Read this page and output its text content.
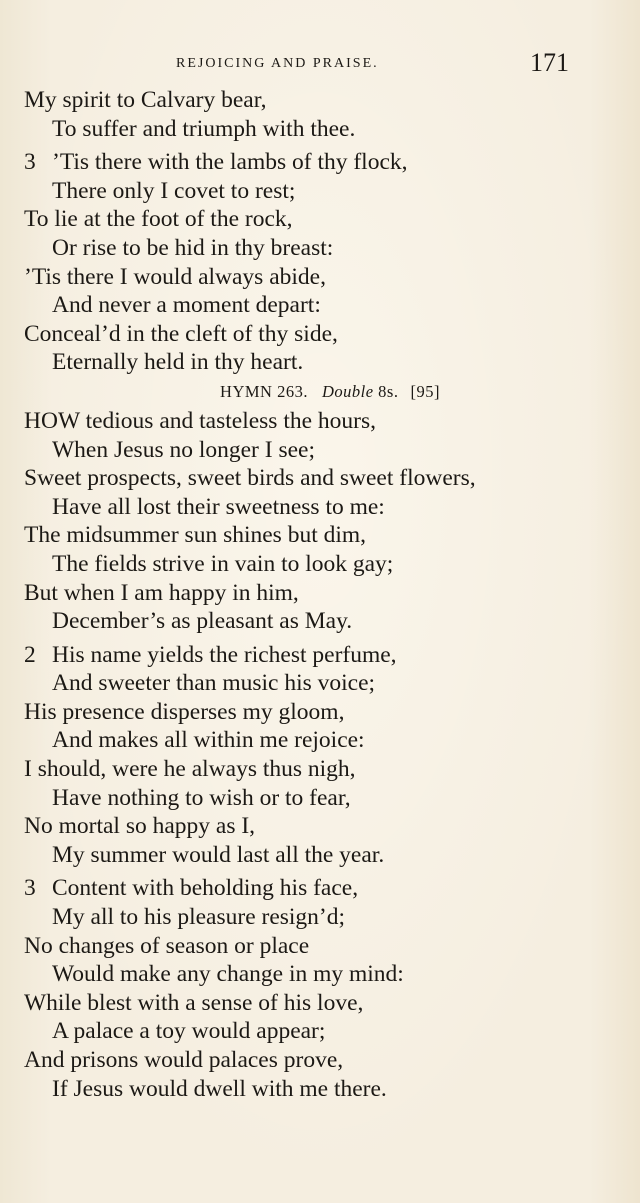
REJOICING AND PRAISE.	171
My spirit to Calvary bear,
To suffer and triumph with thee.
3 ’Tis there with the lambs of thy flock,
There only I covet to rest;
To lie at the foot of the rock,
Or rise to be hid in thy breast:
’Tis there I would always abide,
And never a moment depart:
Conceal’d in the cleft of thy side,
Eternally held in thy heart.
HYMN 263. Double 8s. [95]
HOW tedious and tasteless the hours,
When Jesus no longer I see;
Sweet prospects, sweet birds and sweet flowers,
Have all lost their sweetness to me:
The midsummer sun shines but dim,
The fields strive in vain to look gay;
But when I am happy in him,
December’s as pleasant as May.
2 His name yields the richest perfume,
And sweeter than music his voice;
His presence disperses my gloom,
And makes all within me rejoice:
I should, were he always thus nigh,
Have nothing to wish or to fear,
No mortal so happy as I,
My summer would last all the year.
3 Content with beholding his face,
My all to his pleasure resign’d;
No changes of season or place
Would make any change in my mind:
While blest with a sense of his love,
A palace a toy would appear;
And prisons would palaces prove,
If Jesus would dwell with me there.
